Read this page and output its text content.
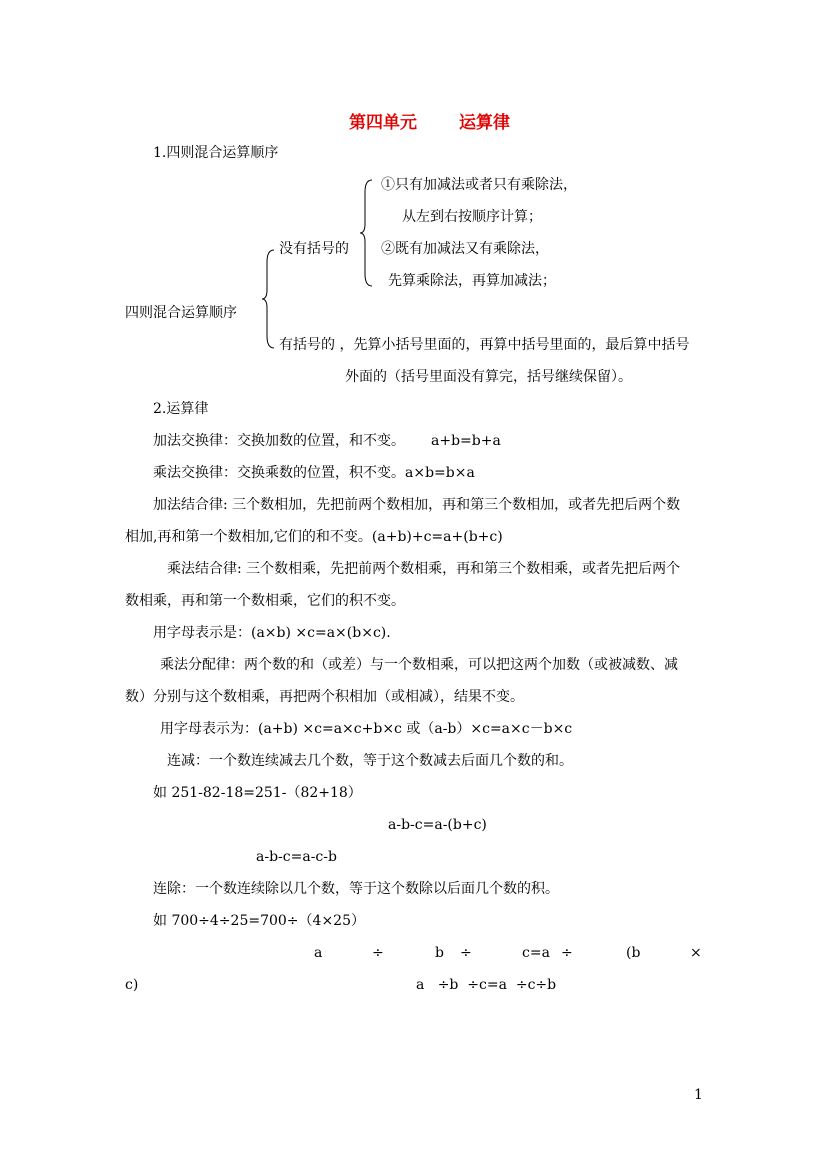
第四单元 运算律
1.四则混合运算顺序
①只有加减法或者只有乘除法，
从左到右按顺序计算；
没有括号的 ②既有加减法又有乘除法，
先算乘除法，再算加减法；
四则混合运算顺序
有括号的 ，先算小括号里面的，再算中括号里面的，最后算中括号
外面的（括号里面没有算完，括号继续保留）。
2.运算律
加法交换律：交换加数的位置，和不变。 a+b=b+a
乘法交换律：交换乘数的位置，积不变。a×b=b×a
加法结合律: 三个数相加，先把前两个数相加，再和第三个数相加，或者先把后两个数
相加,再和第一个数相加,它们的和不变。(a+b)+c=a+(b+c)
乘法结合律: 三个数相乘，先把前两个数相乘，再和第三个数相乘，或者先把后两个
数相乘，再和第一个数相乘，它们的积不变。
用字母表示是：(a×b) ×c=a×(b×c).
乘法分配律：两个数的和（或差）与一个数相乘，可以把这两个加数（或被减数、减
数）分别与这个数相乘，再把两个积相加（或相减），结果不变。
用字母表示为：(a+b) ×c=a×c+b×c 或（a-b）×c=a×c－b×c
连减：一个数连续减去几个数，等于这个数减去后面几个数的和。
如 251-82-18=251-（82+18）
a-b-c=a-(b+c)
a-b-c=a-c-b
连除：一个数连续除以几个数，等于这个数除以后面几个数的积。
如 700÷4÷25=700÷（4×25）
a	÷	b ÷	c=a ÷	(b	×
c)	a   ÷b  ÷c=a  ÷c÷b
1
